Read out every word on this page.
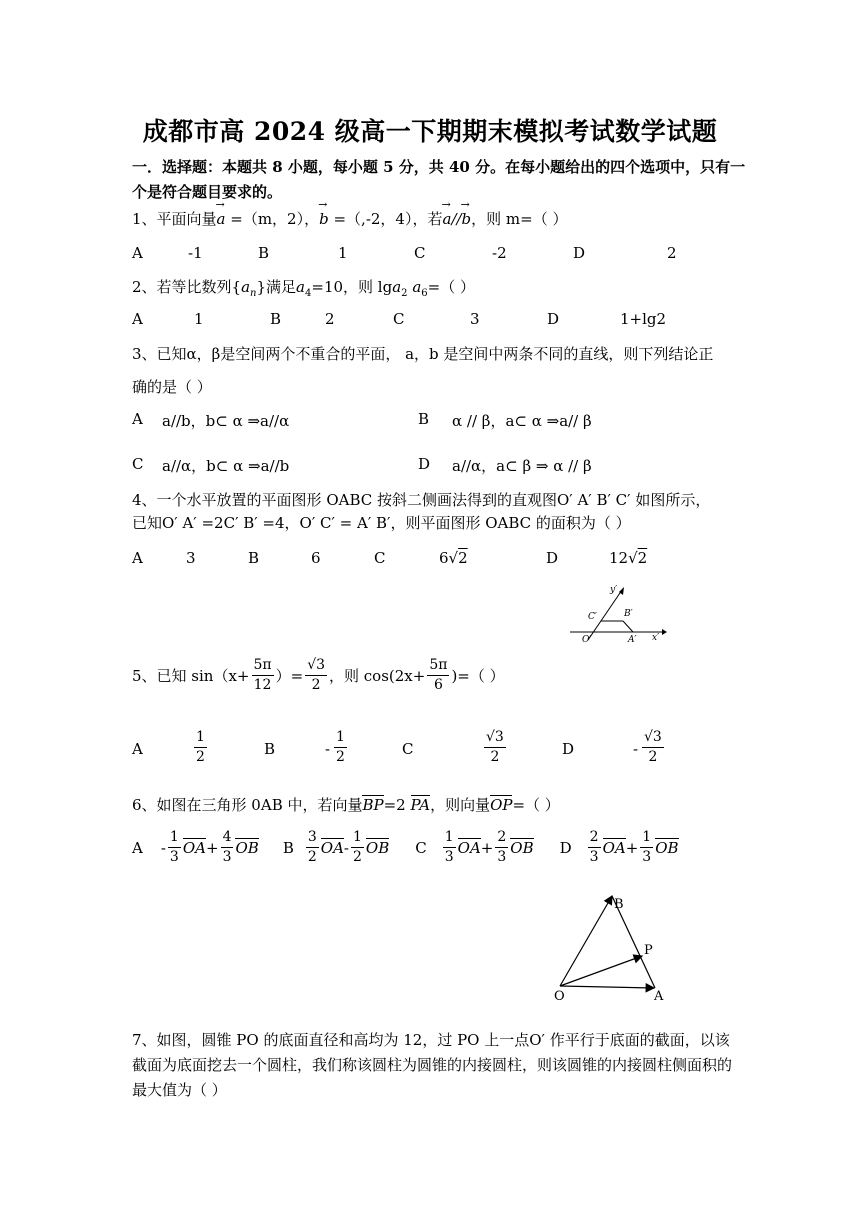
成都市高 2024 级高一下期期末模拟考试数学试题
一．选择题：本题共 8 小题，每小题 5 分，共 40 分。在每小题给出的四个选项中，只有一个是符合题目要求的。
1、平面向量a → =（m，2），b → =（,-2，4），若a →//b →，则 m=（ ）
A	-1	B	1	C	-2	D	2
2、若等比数列$\{a_n\}$满足$a_4=10$，则 lga$_2$ $a_6=$（ ）
A	1	B	2	C	3	D	1+lg2
3、已知α，β是空间两个不重合的平面， a，b 是空间中两条不同的直线，则下列结论正
确的是（ ）
A a//b，b⊂ α ⇒a//α	B α // β，a⊂ α ⇒a// β
C a//α，b⊂ α ⇒a//b	D a//α，a⊂ β ⇒ α // β
4、一个水平放置的平面图形 OABC 按斜二侧画法得到的直观图O′ A′ B′ C′ 如图所示，
已知O′ A′ =2C′ B′ =4，O′ C′ = A′ B′，则平面图形 OABC 的面积为（ ）
A	3	B	6	C	6√2	D	12√2
y′
x′
C′	B′
O′	A′
5、已知 $\sin(x+ \frac{5\pi}{12}$ ）= $\frac{√3}{2}$ ，则 $\cos(2x+ \frac{5\pi}{6}$ )=（ ）
A	$\frac{1}{2}$	B	- $\frac{1}{2}$	C	$\frac{√3}{2}$	D	- $\frac{√3}{2}$
6、如图在三角形 0AB 中，若向量BP=2 PA，则向量OP=（ ）
A - $\frac{1}{3}$ OA + $\frac{4}{3}$ OB B $\frac{3}{2}$ OA - $\frac{1}{2}$ OB C $\frac{1}{3}$ OA + $\frac{2}{3}$ OB D $\frac{2}{3}$ OA + $\frac{1}{3}$ OB
B
P
O	A
7、如图，圆锥 PO 的底面直径和高均为 12，过 PO 上一点O′ 作平行于底面的截面，以该截面为底面挖去一个圆柱，我们称该圆柱为圆锥的内接圆柱，则该圆锥的内接圆柱侧面积的最大值为（ ）
